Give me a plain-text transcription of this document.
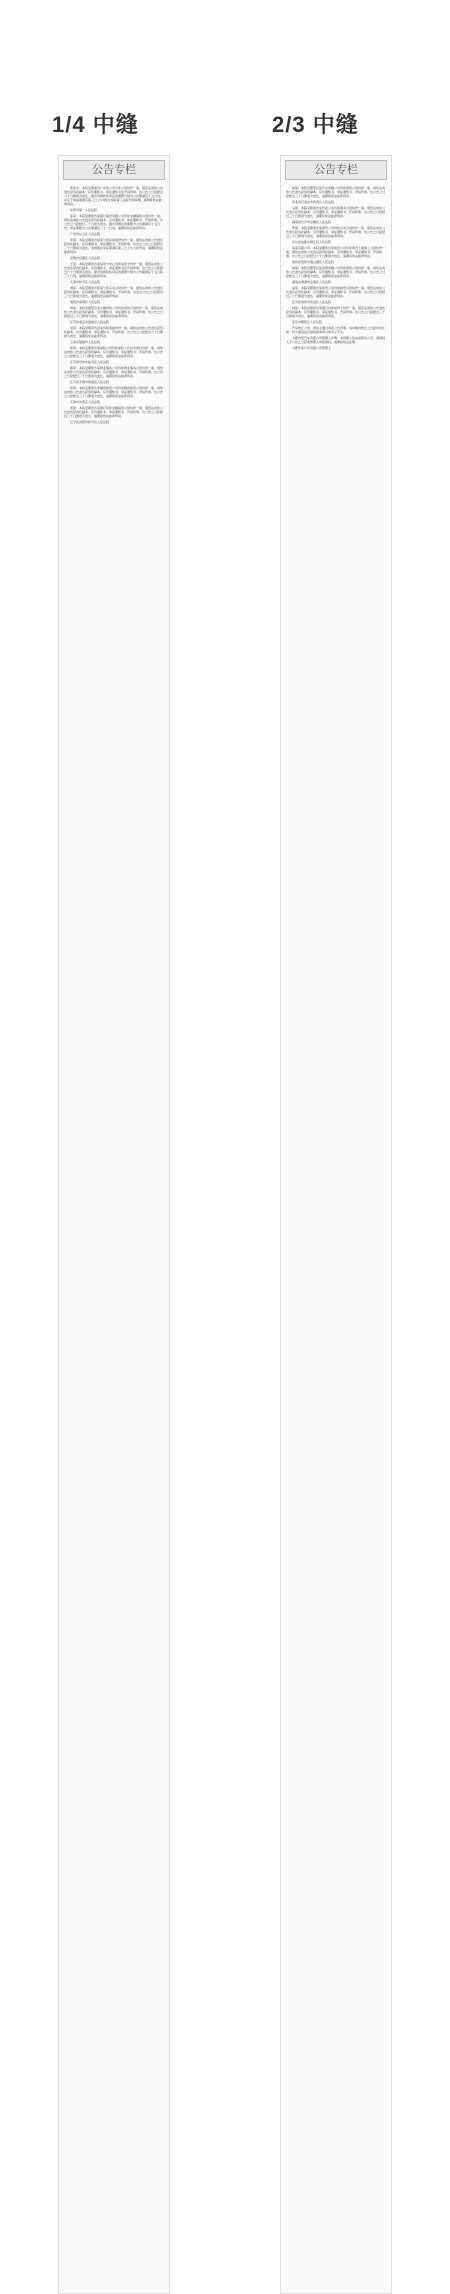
1/4 中缝	2/3 中缝
公告专栏

黄某杰：本院受理原告广东某公司与你合同纠纷一案，现依法向你公告送达起诉状副本、应诉通知书、举证通知书及开庭传票。自公告之日起经过六十日即视为送达。提出答辩状和举证的期限分别为公告期满后十五日内。并定于举证期满后第三日上午9时在本院第三法庭开庭审理，逾期将依法缺席判决。

东莞市第一人民法院

张某：本院受理原告某银行股份有限公司诉你金融借款合同纠纷一案，现依法向你公告送达起诉状副本、应诉通知书、举证通知书、开庭传票。自公告之日起经过三十日视为送达。提出答辩状的期限为公告期满后十五日内，举证期限为公告期满后二十一日内。逾期将依法缺席判决。

广州市白云区人民法院

李某：本院受理原告赵某与你民间借贷纠纷一案，现依法向你公告送达起诉状副本、应诉通知书、举证通知书、开庭传票。自发出公告之日起经过三十日即视为送达。答辩期及举证期满后第三日上午九时开庭，逾期将依法缺席判决。

昆明市官渡区人民法院

王某：本院受理原告某信用卡中心诉你信用卡纠纷一案，现依法向你公告送达起诉状副本、应诉通知书、举证通知书及开庭传票。自公告之日起经过六十日即视为送达。提出答辩状和举证的期限分别为公告期满后十五日和三十日内，逾期将依法缺席判决。

天津市和平区人民法院

刘某：本院受理原告陈某与你买卖合同纠纷一案，现依法向你公告送达起诉状副本、应诉通知书、举证通知书、开庭传票。自发出公告之日起经过三十日即视为送达，逾期将依法缺席判决。

贵阳市南明区人民法院

周某：本院受理原告某小额贷款公司诉你借款合同纠纷一案，现依法向你公告送达起诉状副本、应诉通知书、举证通知书、开庭传票。自公告之日起经过三十日即视为送达，逾期将依法缺席判决。

江苏省南京市鼓楼区人民法院

吴某：本院受理原告孙某诉你离婚纠纷一案，现依法向你公告送达起诉状副本、应诉通知书、举证通知书、开庭传票。自公告之日起经过六十日即视为送达，逾期将依法缺席判决。

云南省楚雄市人民法院

郑某：本院受理原告某保险公司诉你保险人代位求偿权纠纷一案，现依法向你公告送达起诉状副本、应诉通知书、举证通知书、开庭传票。自公告之日起经过三十日即视为送达，逾期将依法缺席判决。

江苏省苏州市姑苏区人民法院

陈某：本院受理原告某物业服务公司诉你物业服务合同纠纷一案，现依法向你公告送达起诉状副本、应诉通知书、举证通知书、开庭传票。自公告之日起经过三十日即视为送达，逾期将依法缺席判决。

江苏省无锡市梁溪区人民法院

杨某：本院受理原告某融资租赁公司诉你融资租赁合同纠纷一案，现依法向你公告送达起诉状副本、应诉通知书、举证通知书、开庭传票。自公告之日起经过三十日即视为送达，逾期将依法缺席判决。

天津市河西区人民法院

何某：本院受理原告某银行诉你金融借款合同纠纷一案，现依法向你公告送达起诉状副本、应诉通知书、举证通知书、开庭传票。自公告之日起经过三十日即视为送达，逾期将依法缺席判决。

辽宁省沈阳市和平区人民法院

公告专栏

徐某：本院受理原告某汽车金融公司诉你借款合同纠纷一案，现依法向你公告送达起诉状副本、应诉通知书、举证通知书、开庭传票。自公告之日起经过三十日即视为送达，逾期将依法缺席判决。

河北省石家庄市桥西区人民法院

马某：本院受理原告某科技公司诉你服务合同纠纷一案，现依法向你公告送达起诉状副本、应诉通知书、举证通知书、开庭传票。自公告之日起经过三十日即视为送达，逾期将依法缺席判决。

湖南省长沙市岳麓区人民法院

罗某：本院受理原告某商贸公司诉你买卖合同纠纷一案，现依法向你公告送达起诉状副本、应诉通知书、举证通知书、开庭传票。自公告之日起经过三十日即视为送达，逾期将依法缺席判决。

四川省成都市锦江区人民法院

某某有限公司：本院受理原告某建设公司诉你建设工程施工合同纠纷一案，现依法向你公告送达起诉状副本、应诉通知书、举证通知书、开庭传票。自公告之日起经过六十日即视为送达，逾期将依法缺席判决。

贵州省贵阳市观山湖区人民法院

胡某：本院受理原告某消费金融公司诉你借款合同纠纷一案，现依法向你公告送达起诉状副本、应诉通知书、举证通知书、开庭传票。自公告之日起经过三十日即视为送达，逾期将依法缺席判决。

湖南省湘潭市岳塘区人民法院

高某：本院受理原告某租赁公司诉你租赁合同纠纷一案，现依法向你公告送达起诉状副本、应诉通知书、举证通知书、开庭传票。自公告之日起经过三十日即视为送达，逾期将依法缺席判决。

江苏省常州市武进区人民法院

林某：本院受理原告某银行诉你信用卡纠纷一案，现依法向你公告送达起诉状副本、应诉通知书、举证通知书、开庭传票。自公告之日起经过三十日即视为送达，逾期将依法缺席判决。

北京市朝阳区人民法院

汽车转让公告：原车主通过本报公告声明，该车辆自转让之日起所发生的一切交通违法及债权债务均与原车主无关。

合肥市某汽车有限公司管理人声明：本管理人依法接管该公司，请债权人于公告之日起向管理人申报债权，逾期将依法处理。

合肥市某汽车有限公司管理人
